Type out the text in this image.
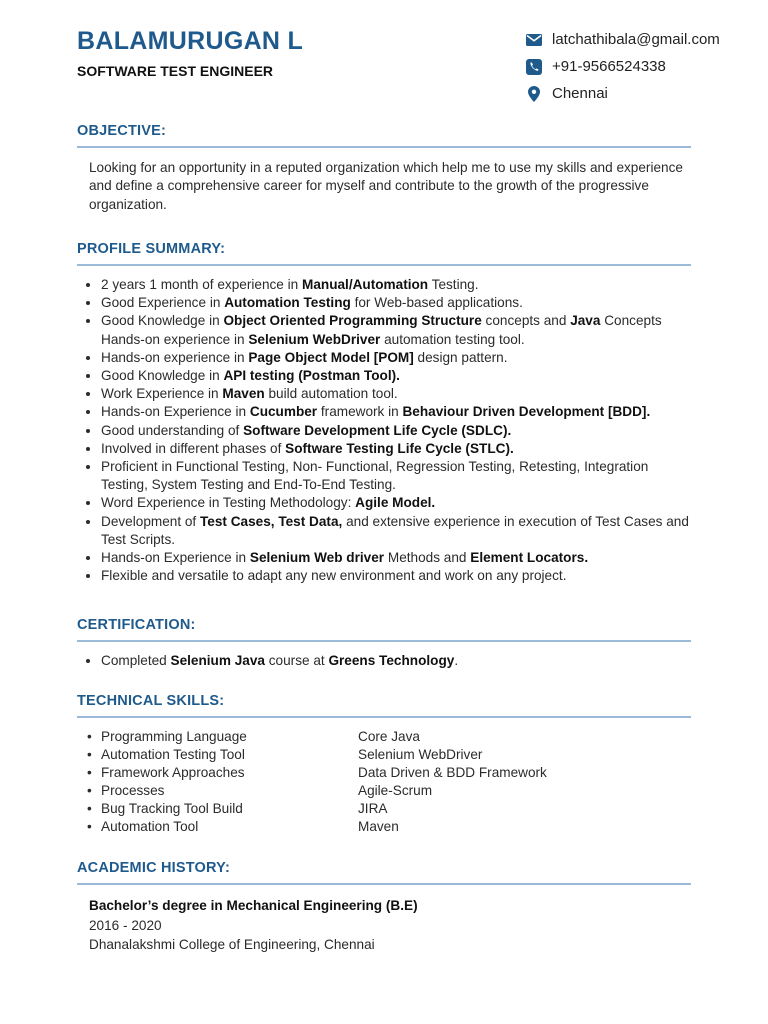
BALAMURUGAN L
SOFTWARE TEST ENGINEER
latchathibala@gmail.com
+91-9566524338
Chennai
OBJECTIVE:

Looking for an opportunity in a reputed organization which help me to use my skills and experience and define a comprehensive career for myself and contribute to the growth of the progressive organization.

PROFILE SUMMARY:
• 2 years 1 month of experience in Manual/Automation Testing.
• Good Experience in Automation Testing for Web-based applications.
• Good Knowledge in Object Oriented Programming Structure concepts and Java Concepts Hands-on experience in Selenium WebDriver automation testing tool.
• Hands-on experience in Page Object Model [POM] design pattern.
• Good Knowledge in API testing (Postman Tool).
• Work Experience in Maven build automation tool.
• Hands-on Experience in Cucumber framework in Behaviour Driven Development [BDD].
• Good understanding of Software Development Life Cycle (SDLC).
• Involved in different phases of Software Testing Life Cycle (STLC).
• Proficient in Functional Testing, Non- Functional, Regression Testing, Retesting, Integration Testing, System Testing and End-To-End Testing.
• Word Experience in Testing Methodology: Agile Model.
• Development of Test Cases, Test Data, and extensive experience in execution of Test Cases and Test Scripts.
• Hands-on Experience in Selenium Web driver Methods and Element Locators.
• Flexible and versatile to adapt any new environment and work on any project.
CERTIFICATION:
• Completed Selenium Java course at Greens Technology.
TECHNICAL SKILLS:
• Programming Language	Core Java
• Automation Testing Tool	Selenium WebDriver
• Framework Approaches	Data Driven & BDD Framework
• Processes	Agile-Scrum
• Bug Tracking Tool Build	JIRA
• Automation Tool	Maven
ACADEMIC HISTORY:
Bachelor’s degree in Mechanical Engineering (B.E)
2016 - 2020
Dhanalakshmi College of Engineering, Chennai
